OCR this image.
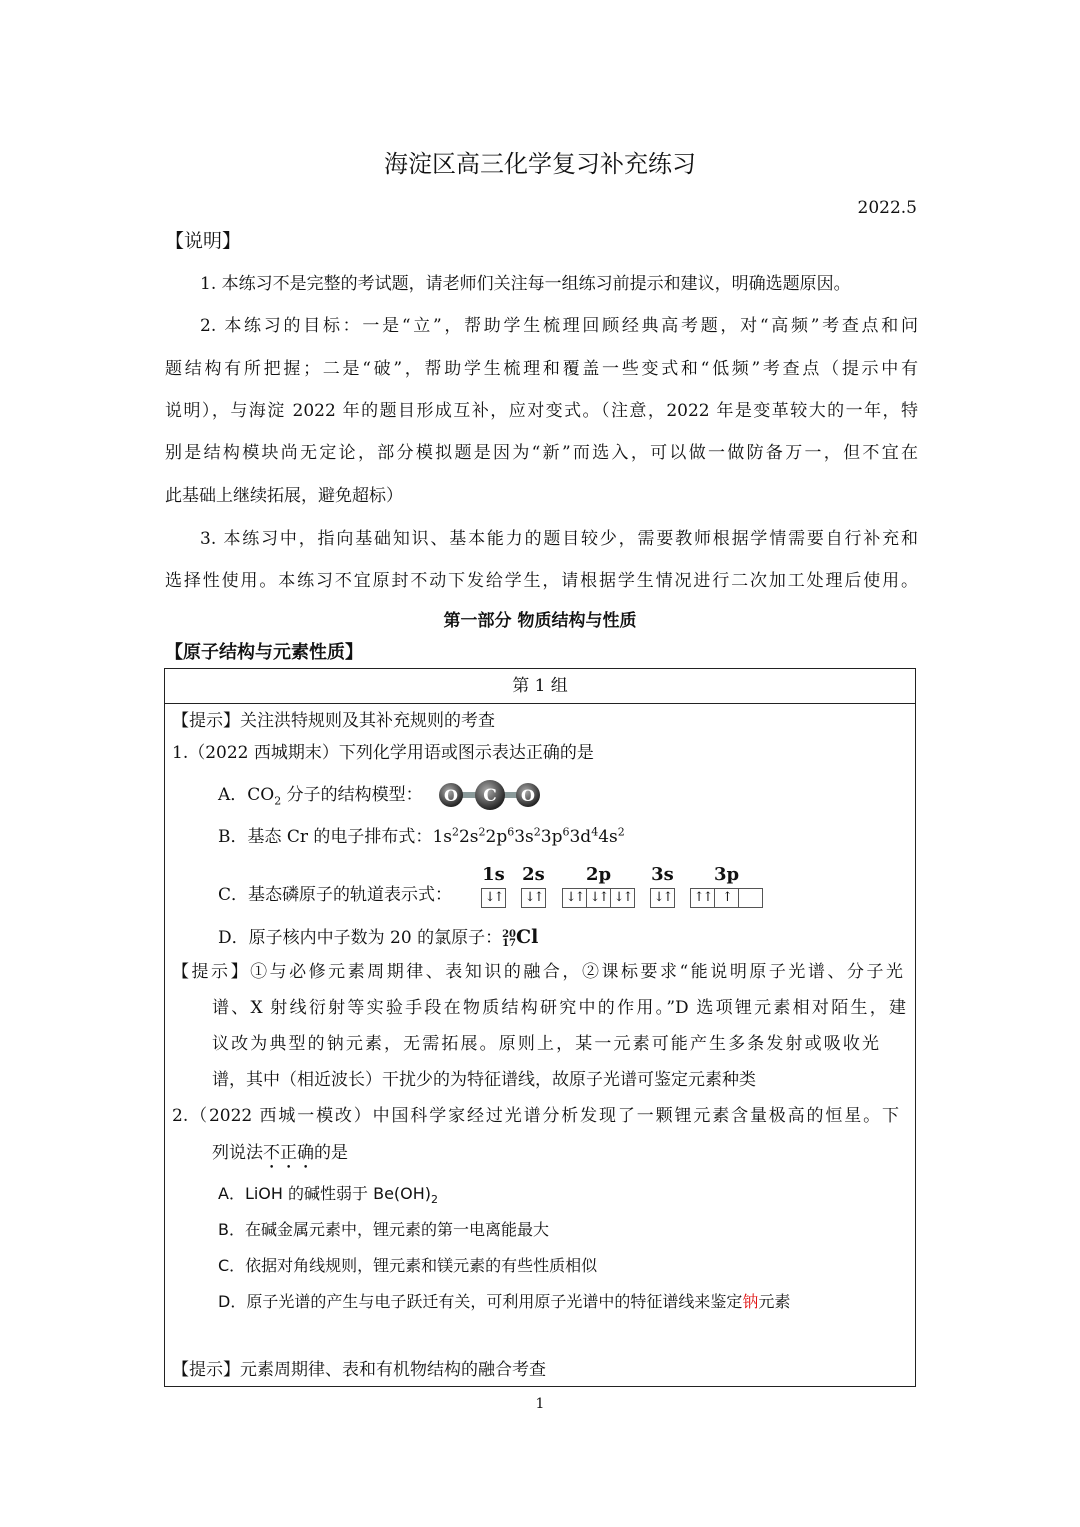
海淀区高三化学复习补充练习
2022.5
【说明】
1. 本练习不是完整的考试题，请老师们关注每一组练习前提示和建议，明确选题原因。
2. 本练习的目标：一是“立”，帮助学生梳理回顾经典高考题，对“高频”考查点和问
题结构有所把握；二是“破”，帮助学生梳理和覆盖一些变式和“低频”考查点（提示中有
说明），与海淀 2022 年的题目形成互补，应对变式。（注意，2022 年是变革较大的一年，特
别是结构模块尚无定论，部分模拟题是因为“新”而选入，可以做一做防备万一，但不宜在
此基础上继续拓展，避免超标）
3. 本练习中，指向基础知识、基本能力的题目较少，需要教师根据学情需要自行补充和
选择性使用。本练习不宜原封不动下发给学生，请根据学生情况进行二次加工处理后使用。
第一部分 物质结构与性质
【原子结构与元素性质】
第 1 组
【提示】关注洪特规则及其补充规则的考查
1.（2022 西城期末）下列化学用语或图示表达正确的是
A．$CO_2$ 分子的结构模型： O C O
B．基态 Cr 的电子排布式：$1s^22s^22p^63s^23p^63d^44s^2$
C．基态磷原子的轨道表示式：
1s
↓↑
2s
↓↑
2p
↓↑ ↓↑ ↓↑
3s
↓↑
3p
↑↑ ↑
D．原子核内中子数为 20 的氯原子：20
17Cl
【提示】①与必修元素周期律、表知识的融合，②课标要求“能说明原子光谱、分子光
谱、X 射线衍射等实验手段在物质结构研究中的作用。”D 选项锂元素相对陌生，建
议改为典型的钠元素，无需拓展。原则上，某一元素可能产生多条发射或吸收光
谱，其中（相近波长）干扰少的为特征谱线，故原子光谱可鉴定元素种类
2.（2022 西城一模改）中国科学家经过光谱分析发现了一颗锂元素含量极高的恒星。下
列说法不正确的是
A．LiOH 的碱性弱于 $Be(OH)_2$
B．在碱金属元素中，锂元素的第一电离能最大
C．依据对角线规则，锂元素和镁元素的有些性质相似
D．原子光谱的产生与电子跃迁有关，可利用原子光谱中的特征谱线来鉴定钠元素
【提示】元素周期律、表和有机物结构的融合考查
1
